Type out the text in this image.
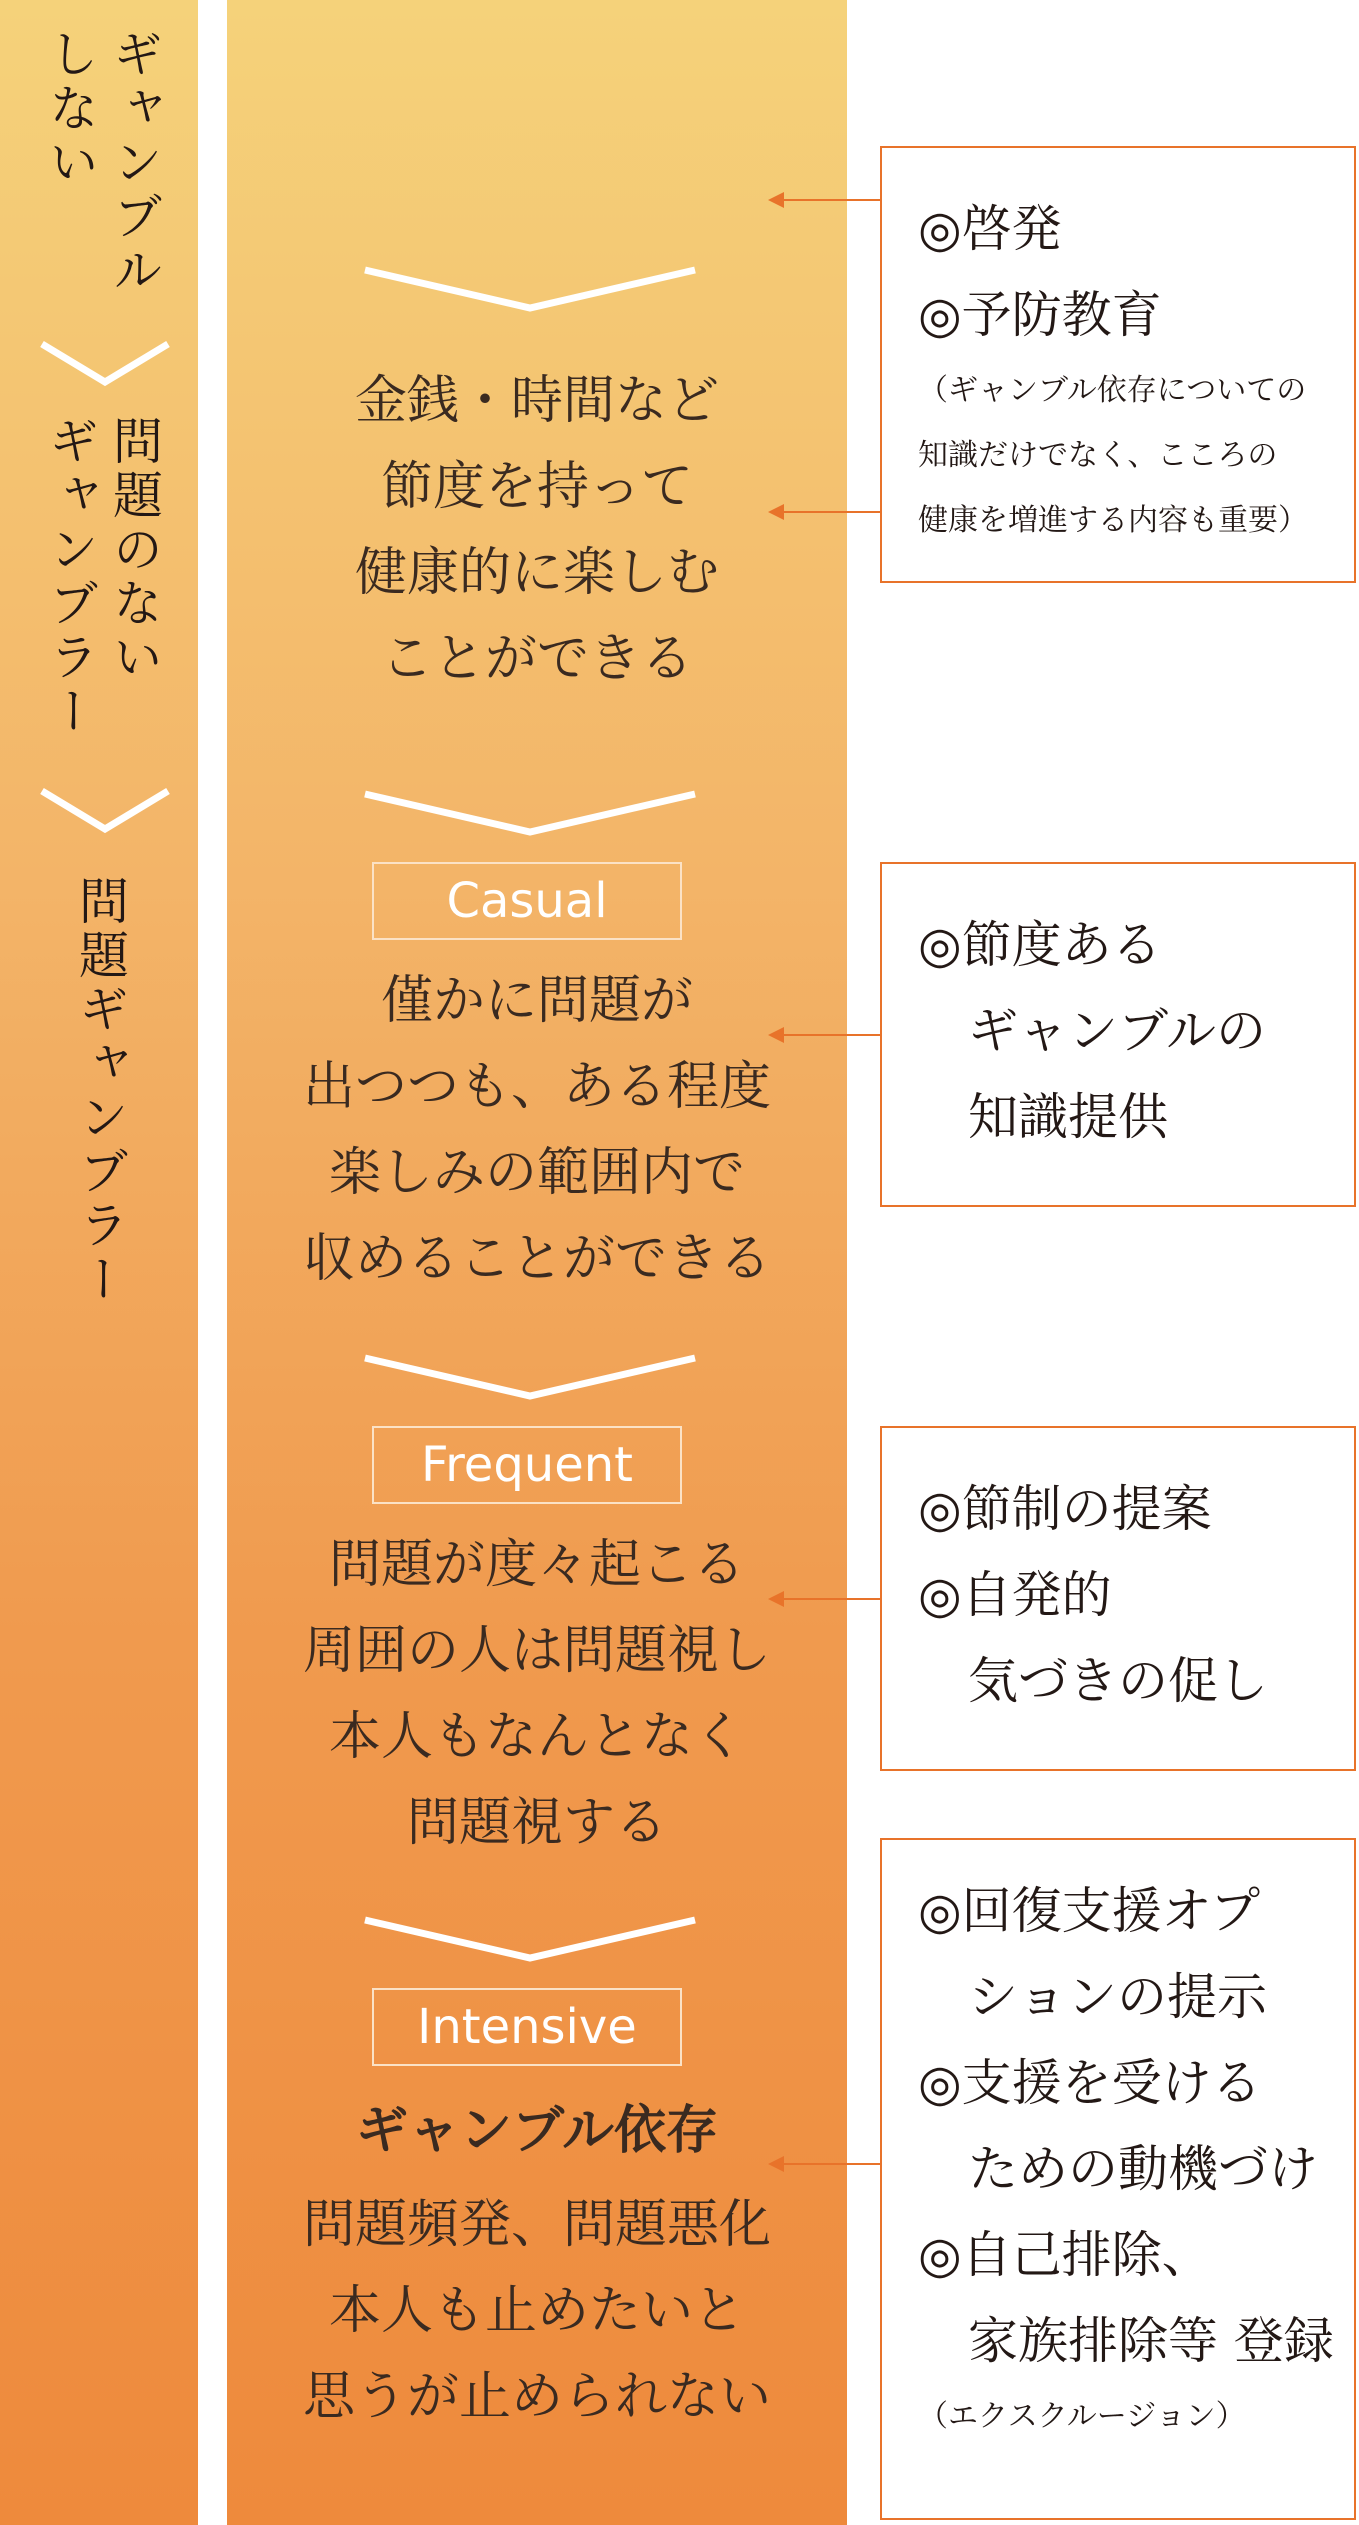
ギャンブル
しない
問題のない
ギャンブラー
問題ギャンブラー
金銭・時間など
節度を持って
健康的に楽しむ
ことができる
Casual
僅かに問題が
出つつも、ある程度
楽しみの範囲内で
収めることができる
Frequent
問題が度々起こる
周囲の人は問題視し
本人もなんとなく
問題視する
Intensive
ギャンブル依存
問題頻発、問題悪化
本人も止めたいと
思うが止められない
◎啓発
◎予防教育
（ギャンブル依存についての
知識だけでなく、こころの
健康を増進する内容も重要）
◎節度ある
　ギャンブルの
　知識提供
◎節制の提案
◎自発的
　気づきの促し
◎回復支援オプ
　ションの提示
◎支援を受ける
　ための動機づけ
◎自己排除、
　家族排除等 登録
（エクスクルージョン）
